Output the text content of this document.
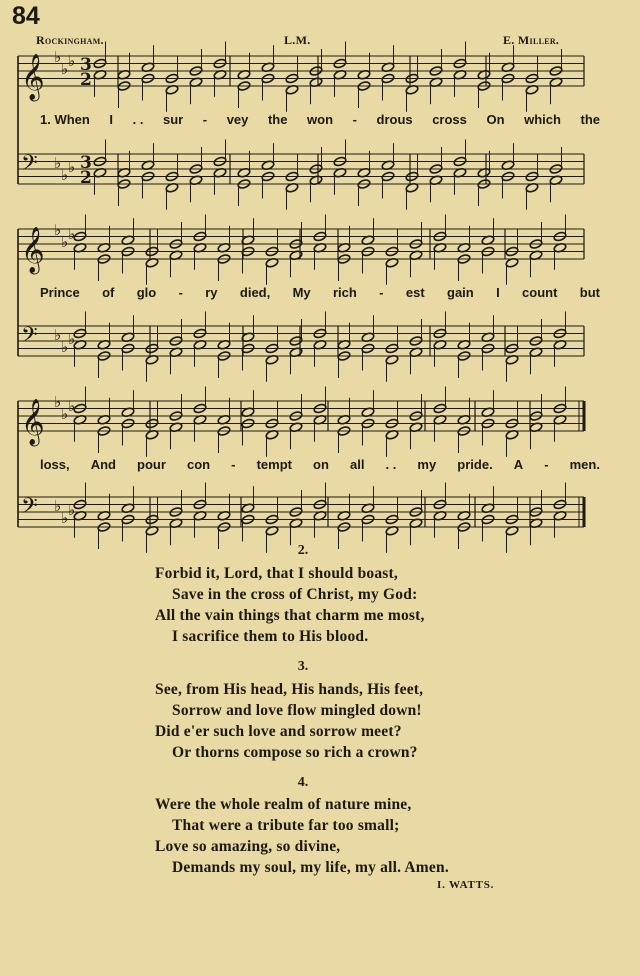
84
Rockingham.	L.M.	E. Miller.
𝄞 ♭
♭ ♭ 3
2
𝄢 ♭
♭ ♭ 3
2
𝄞 ♭
♭ ♭
𝄢 ♭
♭ ♭
𝄞 ♭
♭ ♭
𝄢 ♭
♭ ♭
1. When I . . sur - vey the won - drous cross On which the
Prince of glo - ry died, My rich - est gain I count but
loss, And pour con - tempt on all . . my pride. A - men.
2.
Forbid it, Lord, that I should boast,
Save in the cross of Christ, my God:
All the vain things that charm me most,
I sacrifice them to His blood.
3.
See, from His head, His hands, His feet,
Sorrow and love flow mingled down!
Did e'er such love and sorrow meet?
Or thorns compose so rich a crown?
4.
Were the whole realm of nature mine,
That were a tribute far too small;
Love so amazing, so divine,
Demands my soul, my life, my all. Amen.
I. WATTS.
